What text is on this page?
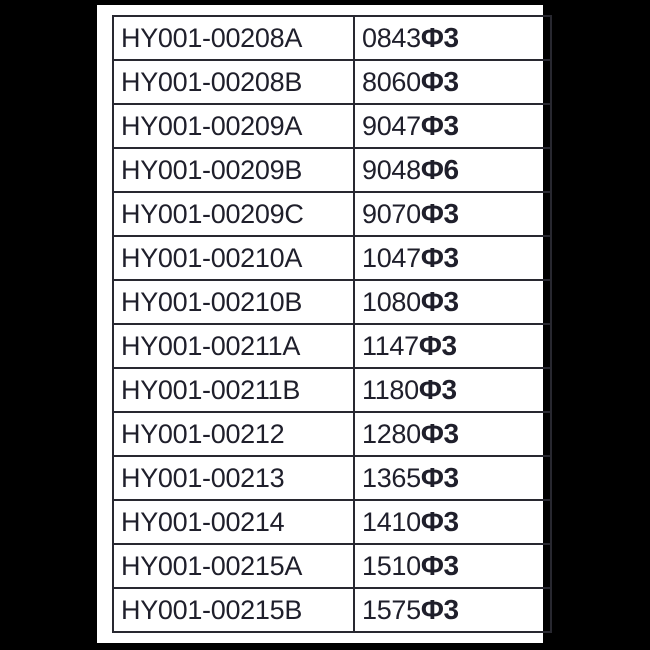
HY001-00208A	0843Φ3
HY001-00208B	8060Φ3
HY001-00209A	9047Φ3
HY001-00209B	9048Φ6
HY001-00209C	9070Φ3
HY001-00210A	1047Φ3
HY001-00210B	1080Φ3
HY001-00211A	1147Φ3
HY001-00211B	1180Φ3
HY001-00212	1280Φ3
HY001-00213	1365Φ3
HY001-00214	1410Φ3
HY001-00215A	1510Φ3
HY001-00215B	1575Φ3
